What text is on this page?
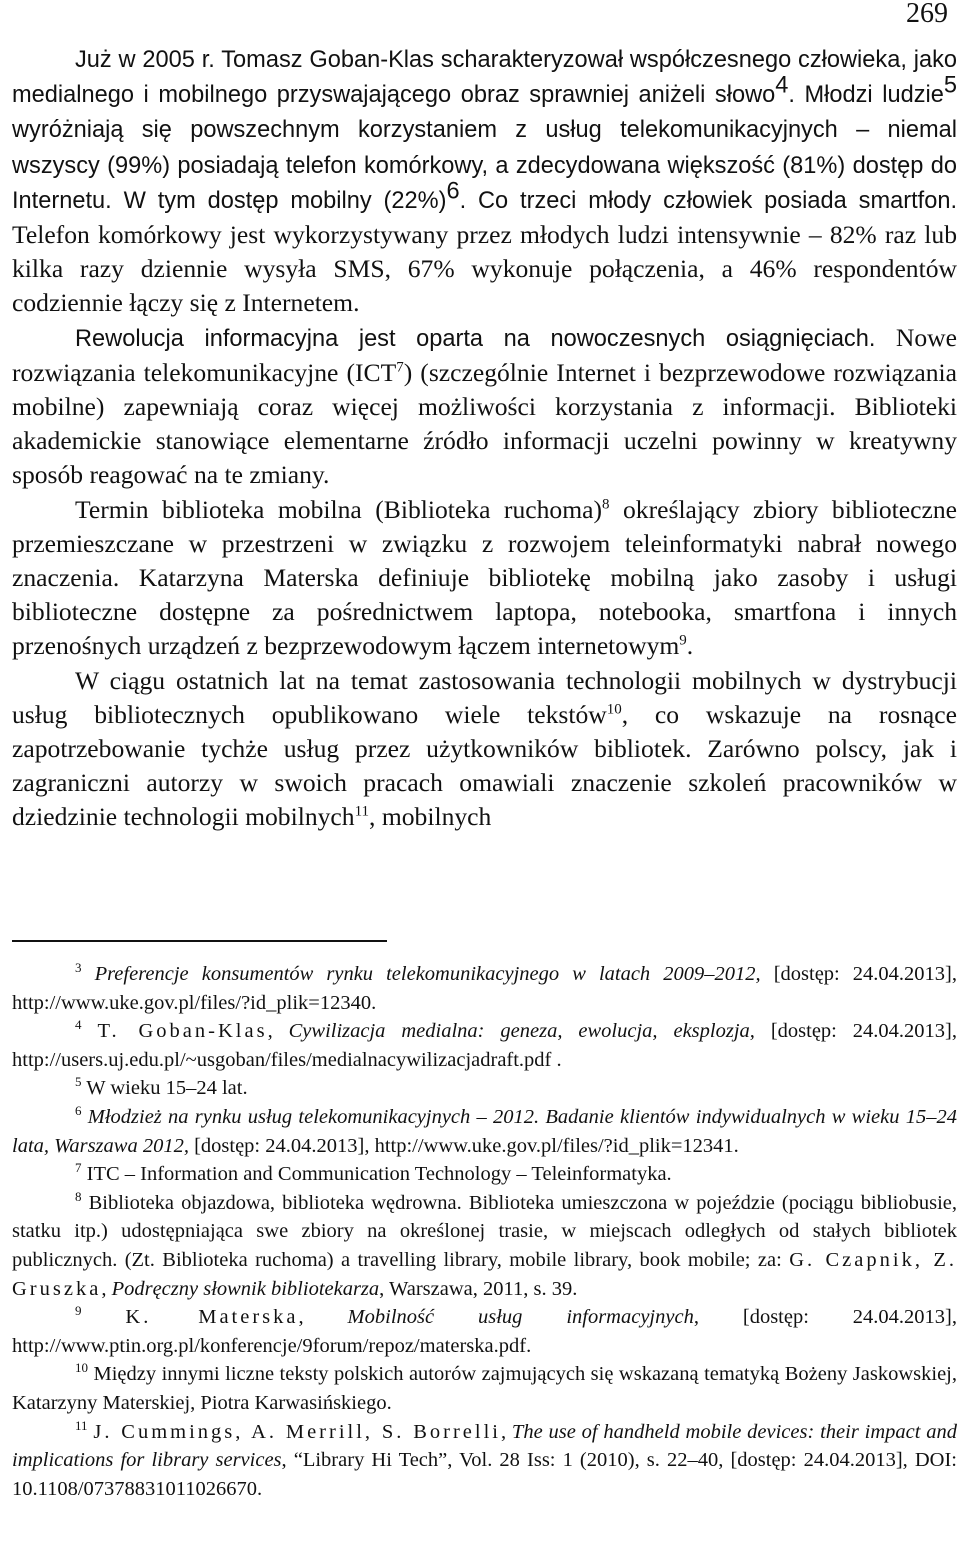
269

Już w 2005 r. Tomasz Goban-Klas scharakteryzował współczesnego człowieka, jako medialnego i mobilnego przyswajającego obraz sprawniej aniżeli słowo$^4$. Młodzi ludzie$^5$ wyróżniają się powszechnym korzystaniem z usług telekomunikacyjnych – niemal wszyscy (99%) posiadają telefon komórkowy, a zdecydowana większość (81%) dostęp do Internetu. W tym dostęp mobilny $(22\%)^6$. Co trzeci młody człowiek posiada smartfon. Telefon komórkowy jest wykorzystywany przez młodych ludzi intensywnie – 82% raz lub kilka razy dziennie wysyła SMS, 67% wykonuje połączenia, a 46% respondentów codziennie łączy się z Internetem.

Rewolucja informacyjna jest oparta na nowoczesnych osiągnięciach. Nowe rozwiązania telekomunikacyjne (ICT$^7$) (szczególnie Internet i bezprzewodowe rozwiązania mobilne) zapewniają coraz więcej możliwości korzystania z informacji. Biblioteki akademickie stanowiące elementarne źródło informacji uczelni powinny w kreatywny sposób reagować na te zmiany.

Termin biblioteka mobilna (Biblioteka ruchoma)$^8$ określający zbiory biblioteczne przemieszczane w przestrzeni w związku z rozwojem teleinformatyki nabrał nowego znaczenia. Katarzyna Materska definiuje bibliotekę mobilną jako zasoby i usługi biblioteczne dostępne za pośrednictwem laptopa, notebooka, smartfona i innych przenośnych urządzeń z bezprzewodowym łączem internetowym$^9$.

W ciągu ostatnich lat na temat zastosowania technologii mobilnych w dystrybucji usług bibliotecznych opublikowano wiele tekstów$^{10}$, co wskazuje na rosnące zapotrzebowanie tychże usług przez użytkowników bibliotek. Zarówno polscy, jak i zagraniczni autorzy w swoich pracach omawiali znaczenie szkoleń pracowników w dziedzinie technologii mobilnych$^{11}$, mobilnych

$^3$ Preferencje konsumentów rynku telekomunikacyjnego w latach 2009–2012, [dostęp: 24.04.2013], http://www.uke.gov.pl/files/?id_plik=12340.

$^4$ T. Goban-Klas, Cywilizacja medialna: geneza, ewolucja, eksplozja, [dostęp: 24.04.2013], http://users.uj.edu.pl/~usgoban/files/medialnacywilizacjadraft.pdf .

$^5$ W wieku 15–24 lat.

$^6$ Młodzież na rynku usług telekomunikacyjnych – 2012. Badanie klientów indywidualnych w wieku 15–24 lata, Warszawa 2012, [dostęp: 24.04.2013], http://www.uke.gov.pl/files/?id_plik=12341.

$^7$ ITC – Information and Communication Technology – Teleinformatyka.

$^8$ Biblioteka objazdowa, biblioteka wędrowna. Biblioteka umieszczona w pojeździe (pociągu bibliobusie, statku itp.) udostępniająca swe zbiory na określonej trasie, w miejscach odległych od stałych bibliotek publicznych. (Zt. Biblioteka ruchoma) a travelling library, mobile library, book mobile; za: G. Czapnik, Z. Gruszka, Podręczny słownik bibliotekarza, Warszawa, 2011, s. 39.

$^9$ K. Materska, Mobilność usług informacyjnych, [dostęp: 24.04.2013], http://www.ptin.org.pl/konferencje/9forum/repoz/materska.pdf.

$^{10}$ Między innymi liczne teksty polskich autorów zajmujących się wskazaną tematyką Bożeny Jaskowskiej, Katarzyny Materskiej, Piotra Karwasińskiego.

$^{11}$ J. Cummings, A. Merrill, S. Borrelli, The use of handheld mobile devices: their impact and implications for library services, “Library Hi Tech”, Vol. 28 Iss: 1 (2010), s. 22–40, [dostęp: 24.04.2013], DOI: 10.1108/07378831011026670.
